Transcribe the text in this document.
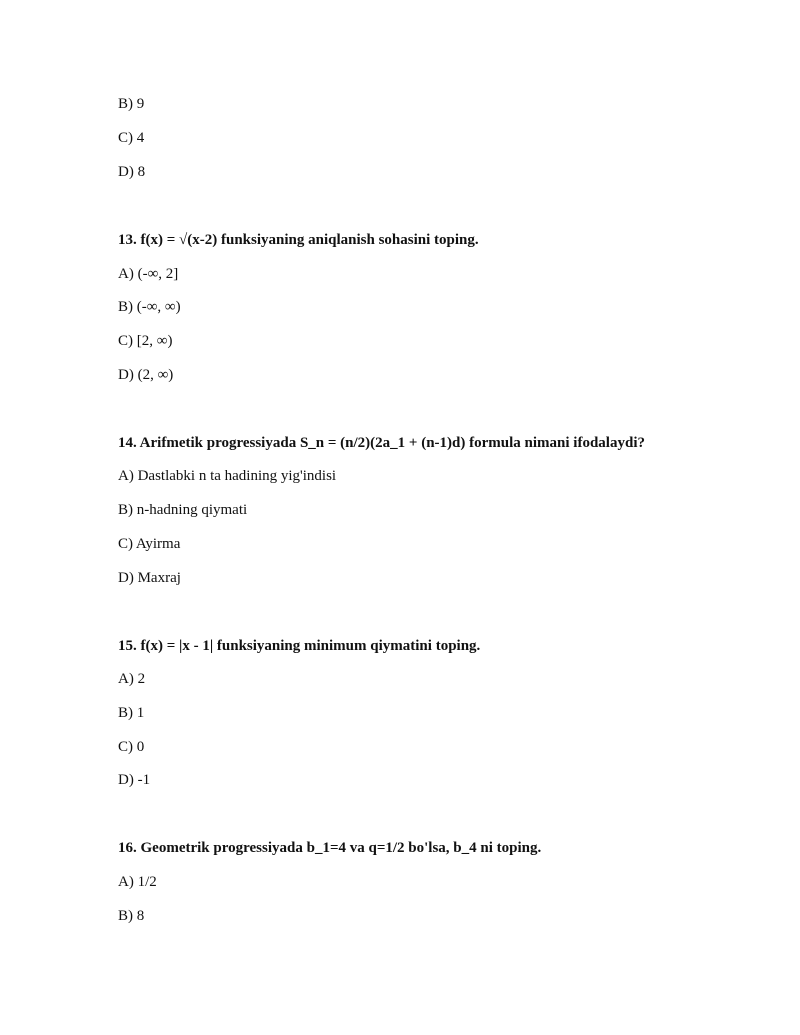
B) 9
C) 4
D) 8
13. f(x) = √(x-2) funksiyaning aniqlanish sohasini toping.
A) (-∞, 2]
B) (-∞, ∞)
C) [2, ∞)
D) (2, ∞)
14. Arifmetik progressiyada S_n = (n/2)(2a_1 + (n-1)d) formula nimani ifodalaydi?
A) Dastlabki n ta hadining yig'indisi
B) n-hadning qiymati
C) Ayirma
D) Maxraj
15. f(x) = |x - 1| funksiyaning minimum qiymatini toping.
A) 2
B) 1
C) 0
D) -1
16. Geometrik progressiyada b_1=4 va q=1/2 bo'lsa, b_4 ni toping.
A) 1/2
B) 8
